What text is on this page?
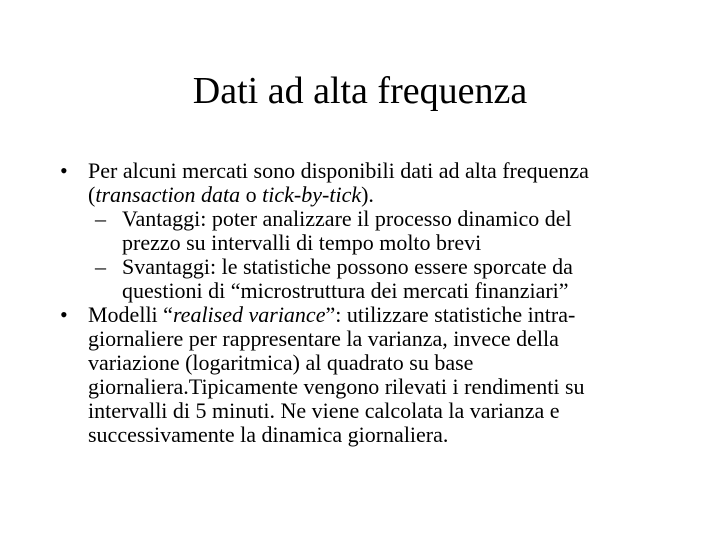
Dati ad alta frequenza
• Per alcuni mercati sono disponibili dati ad alta frequenza
(transaction data o tick-by-tick).
– Vantaggi: poter analizzare il processo dinamico del
prezzo su intervalli di tempo molto brevi
– Svantaggi: le statistiche possono essere sporcate da
questioni di “microstruttura dei mercati finanziari”
• Modelli “realised variance”: utilizzare statistiche intra-
giornaliere per rappresentare la varianza, invece della
variazione (logaritmica) al quadrato su base
giornaliera.Tipicamente vengono rilevati i rendimenti su
intervalli di 5 minuti. Ne viene calcolata la varianza e
successivamente la dinamica giornaliera.
